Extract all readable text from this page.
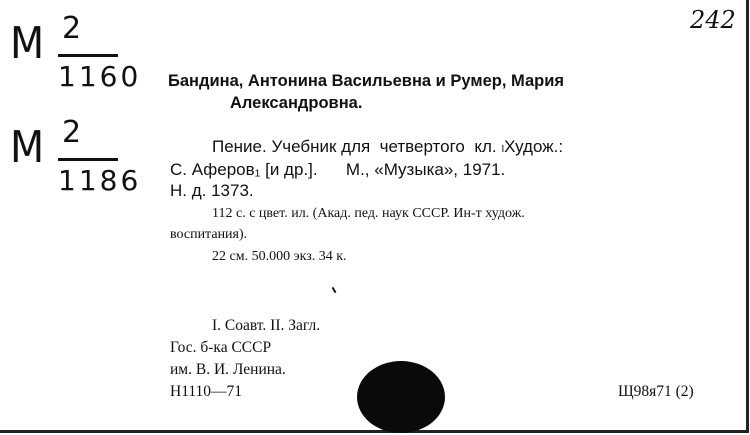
М 2
1160
М 2
1186
242
Бандина, Антонина Васильевна и Румер, Мария
Александровна.
Пение. Учебник для  четвертого  кл. ₗХудож.:
С. Аферов₁ [и др.].      М., «Музыка», 1971.
Н. д. 1373.
112 с. с цвет. ил. (Акад. пед. наук СССР. Ин-т худож.
воспитания).
22 см. 50.000 экз. 34 к.
I. Соавт. II. Загл.
Гос. б-ка СССР
им. В. И. Ленина.
Н1110—71	Щ98я71 (2)
